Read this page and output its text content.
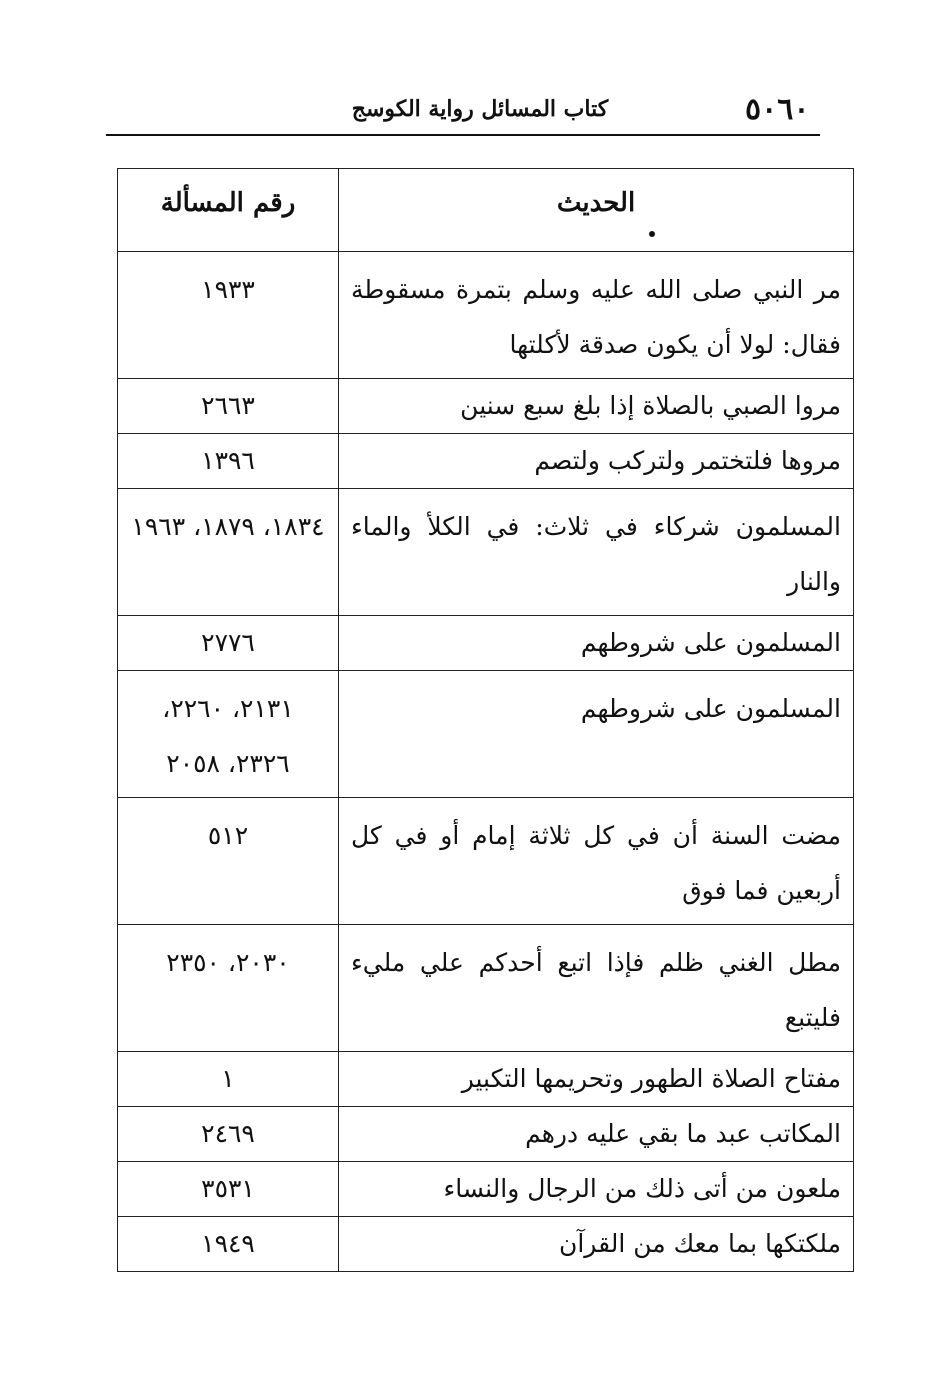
٥٠٦٠
كتاب المسائل رواية الكوسج
الحديث	رقم المسألة
مر النبي صلى الله عليه وسلم بتمرة مسقوطة فقال: لولا أن يكون صدقة لأكلتها	١٩٣٣
مروا الصبي بالصلاة إذا بلغ سبع سنين	٢٦٦٣
مروها فلتختمر ولتركب ولتصم	١٣٩٦
المسلمون شركاء في ثلاث: في الكلأ والماء والنار	١٨٣٤، ١٨٧٩، ١٩٦٣
المسلمون على شروطهم	٢٧٧٦
المسلمون على شروطهم	٢١٣١، ٢٢٦٠، ٢٣٢٦، ٢٠٥٨
مضت السنة أن في كل ثلاثة إمام أو في كل أربعين فما فوق	٥١٢
مطل الغني ظلم فإذا اتبع أحدكم علي مليء فليتبع	٢٠٣٠، ٢٣٥٠
مفتاح الصلاة الطهور وتحريمها التكبير	١
المكاتب عبد ما بقي عليه درهم	٢٤٦٩
ملعون من أتى ذلك من الرجال والنساء	٣٥٣١
ملكتكها بما معك من القرآن	١٩٤٩
